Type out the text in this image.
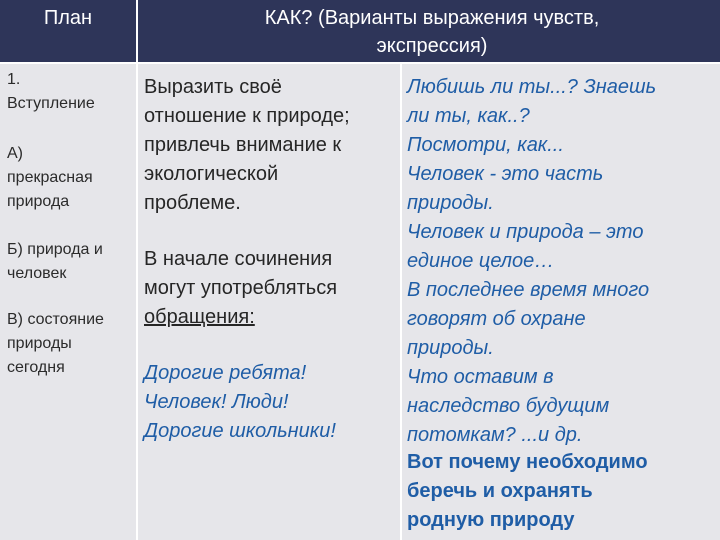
План	КАК? (Варианты выражения чувств,
экспрессия)

1.
Вступление

А)
прекрасная
природа

Б) природа и
человек

В) состояние
природы
сегодня

Выразить своё
отношение к природе;
привлечь внимание к
экологической
проблеме.

В начале сочинения
могут употребляться
обращения:

Дорогие ребята!
Человек! Люди!
Дорогие школьники!

Любишь ли ты...? Знаешь
ли ты, как..?
Посмотри, как...
Человек - это часть
природы.
Человек и природа – это
единое целое…
В последнее время много
говорят об охране
природы.
Что оставим в
наследство будущим
потомкам? ...и др.

Вот почему необходимо
беречь и охранять
родную природу
